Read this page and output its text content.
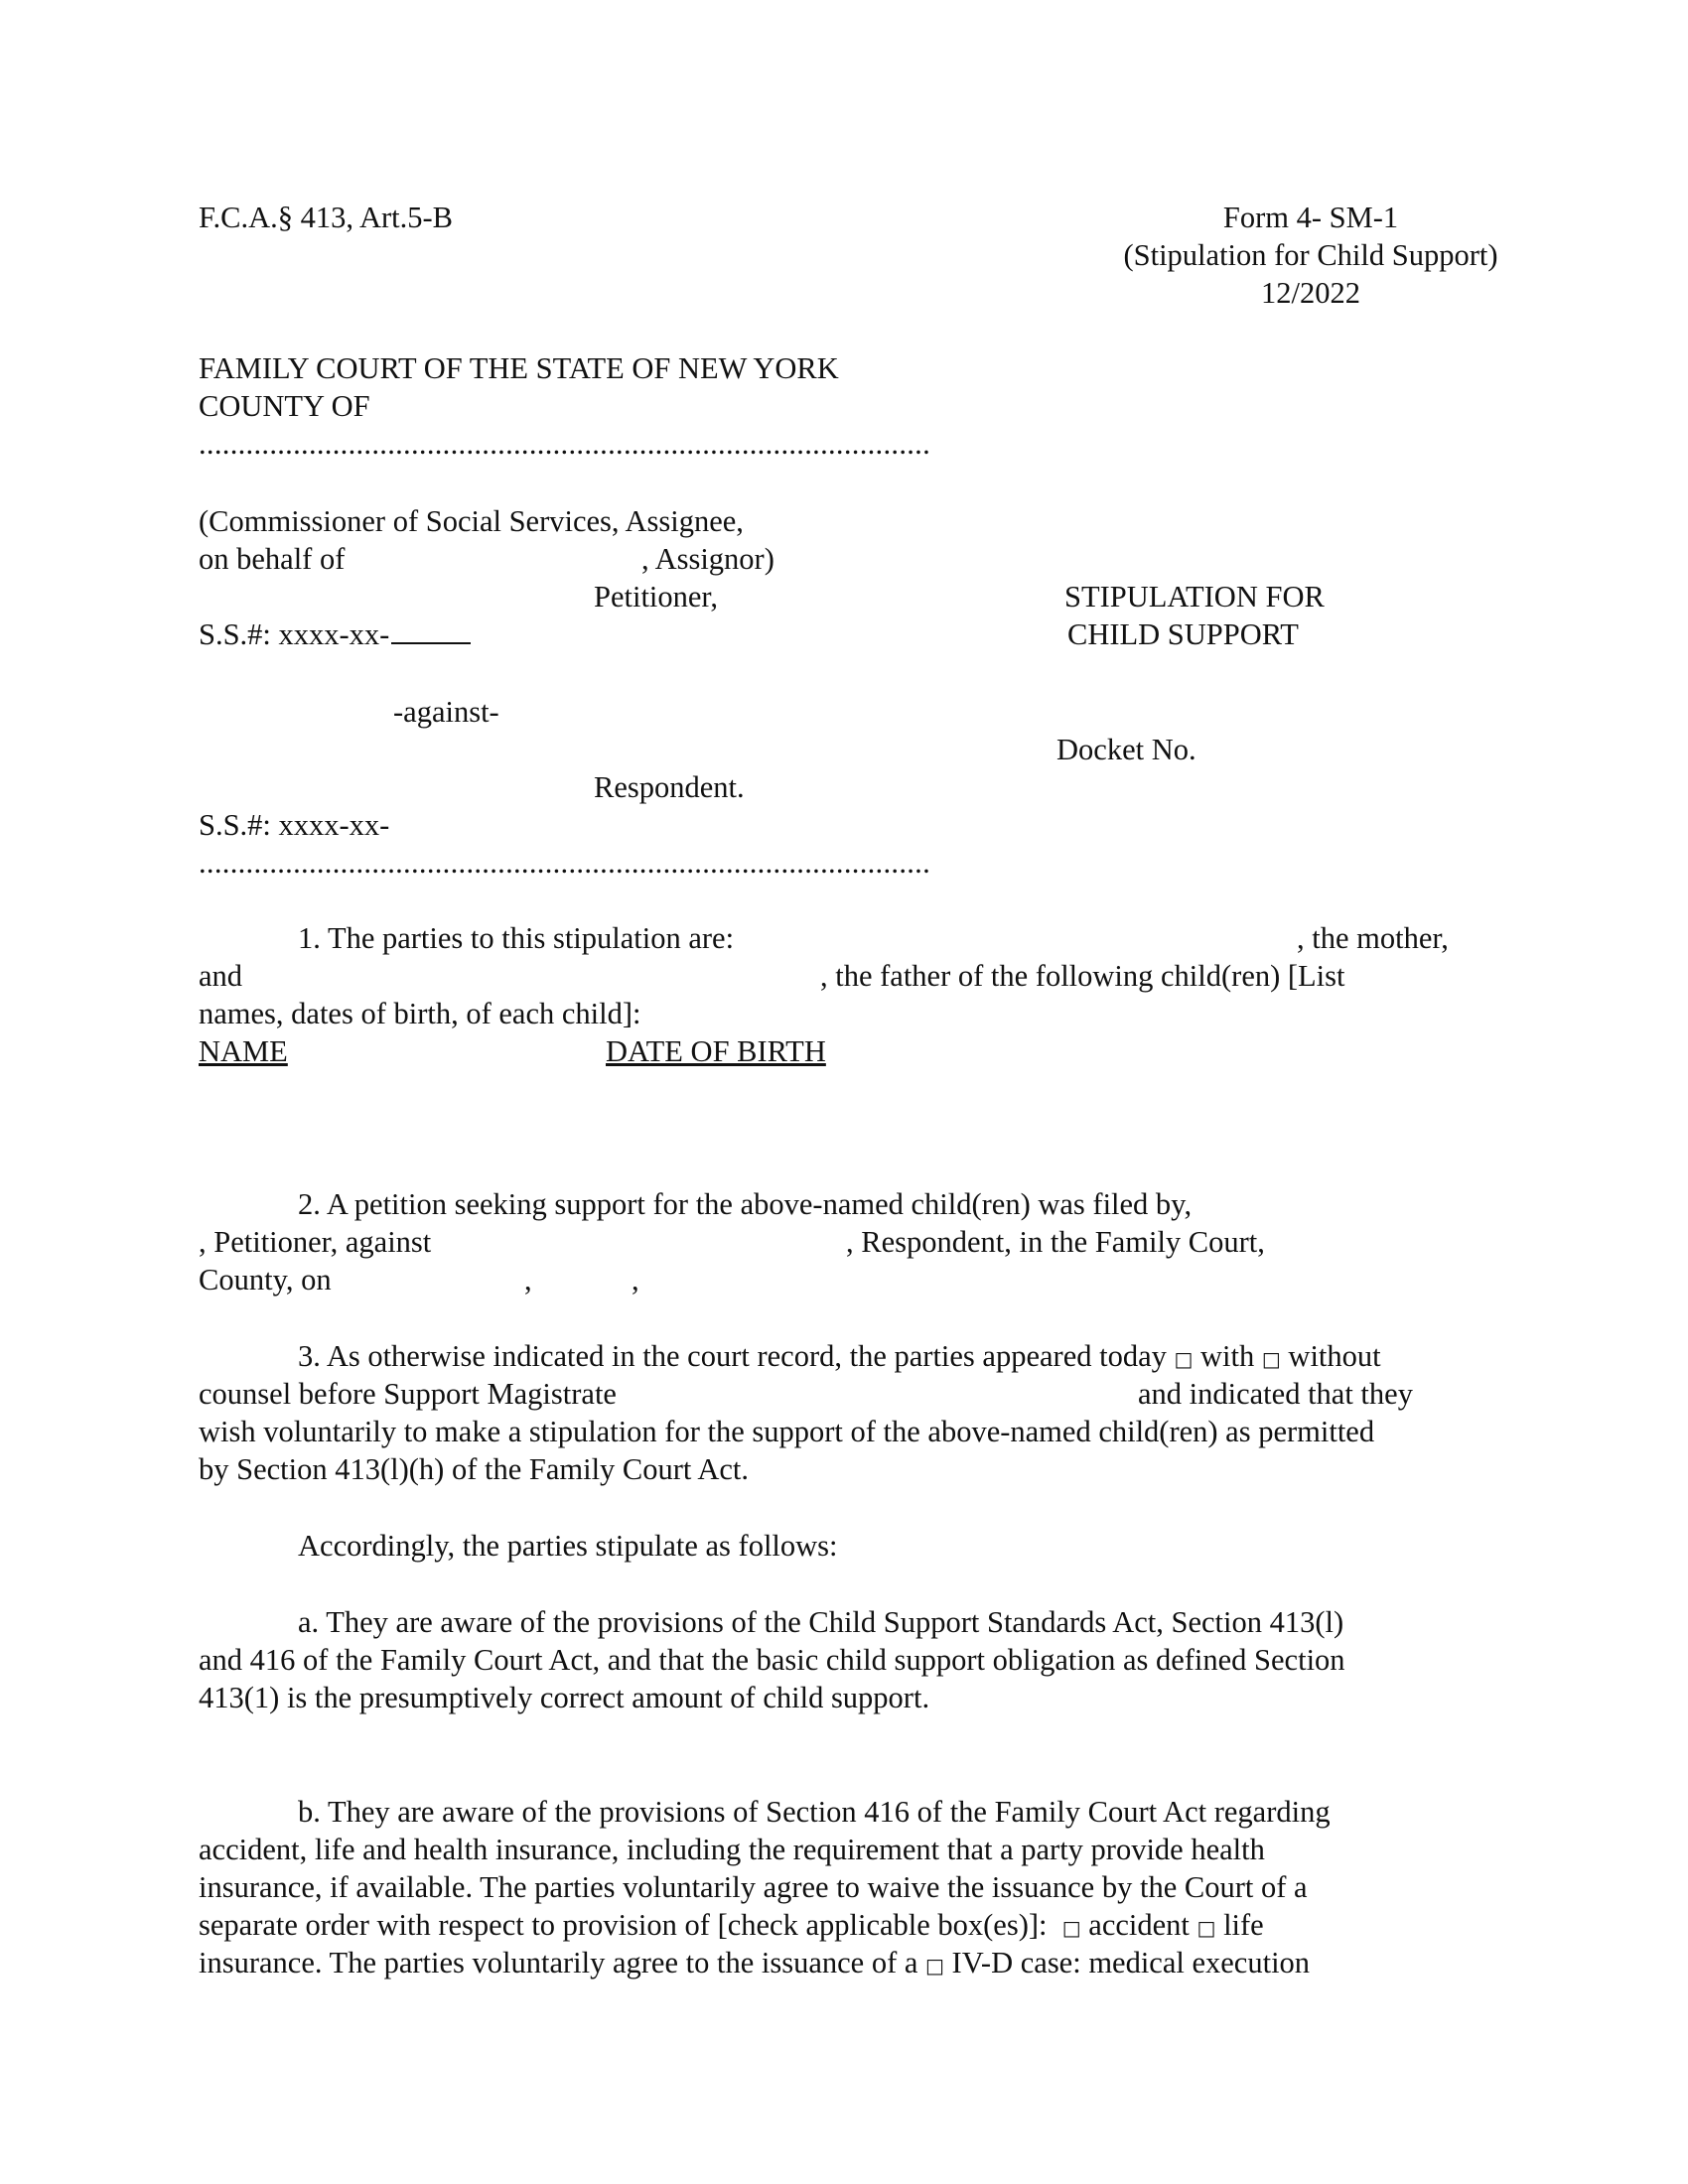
F.C.A.§ 413, Art.5-B	Form 4- SM-1
(Stipulation for Child Support)
12/2022
FAMILY COURT OF THE STATE OF NEW YORK
COUNTY OF
.............................................................................................
(Commissioner of Social Services, Assignee,
on behalf of	, Assignor)
Petitioner,
S.S.#: xxxx-xx-
STIPULATION FOR
CHILD SUPPORT
-against-
Docket No.
Respondent.
S.S.#: xxxx-xx-
.............................................................................................
1. The parties to this stipulation are:	, the mother,
and	, the father of the following child(ren) [List
names, dates of birth, of each child]:
NAME	DATE OF BIRTH
2. A petition seeking support for the above-named child(ren) was filed by,
, Petitioner, against	, Respondent, in the Family Court,
County, on	,	,
3. As otherwise indicated in the court record, the parties appeared today □ with □ without
counsel before Support Magistrate	and indicated that they
wish voluntarily to make a stipulation for the support of the above-named child(ren) as permitted
by Section 413(l)(h) of the Family Court Act.
Accordingly, the parties stipulate as follows:
a. They are aware of the provisions of the Child Support Standards Act, Section 413(l)
and 416 of the Family Court Act, and that the basic child support obligation as defined Section
413(1) is the presumptively correct amount of child support.
b. They are aware of the provisions of Section 416 of the Family Court Act regarding
accident, life and health insurance, including the requirement that a party provide health
insurance, if available. The parties voluntarily agree to waive the issuance by the Court of a
separate order with respect to provision of [check applicable box(es)]: □ accident □ life
insurance. The parties voluntarily agree to the issuance of a □ IV-D case: medical execution
